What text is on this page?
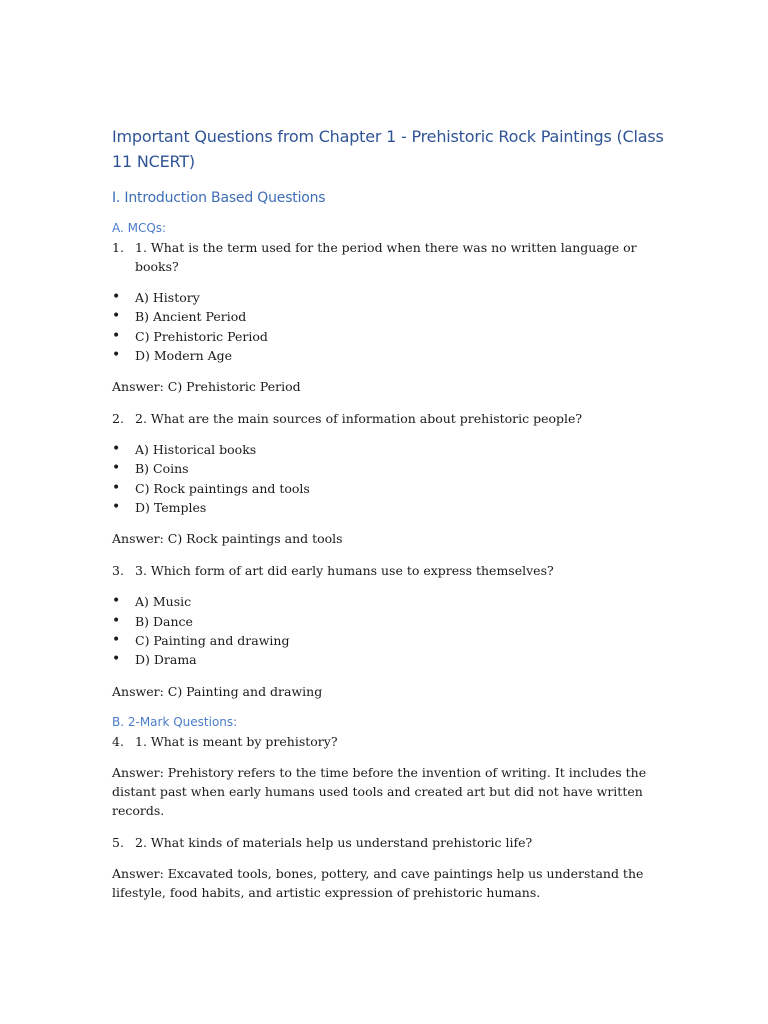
Important Questions from Chapter 1 - Prehistoric Rock Paintings (Class 11 NCERT)
I. Introduction Based Questions
A. MCQs:
1. 1. What is the term used for the period when there was no written language or books?
•	A) History
•	B) Ancient Period
•	C) Prehistoric Period
•	D) Modern Age

Answer: C) Prehistoric Period

2. 2. What are the main sources of information about prehistoric people?
•	A) Historical books
•	B) Coins
•	C) Rock paintings and tools
•	D) Temples

Answer: C) Rock paintings and tools

3. 3. Which form of art did early humans use to express themselves?
•	A) Music
•	B) Dance
•	C) Painting and drawing
•	D) Drama

Answer: C) Painting and drawing

B. 2-Mark Questions:
4. 1. What is meant by prehistory?

Answer: Prehistory refers to the time before the invention of writing. It includes the distant past when early humans used tools and created art but did not have written records.

5. 2. What kinds of materials help us understand prehistoric life?

Answer: Excavated tools, bones, pottery, and cave paintings help us understand the lifestyle, food habits, and artistic expression of prehistoric humans.
